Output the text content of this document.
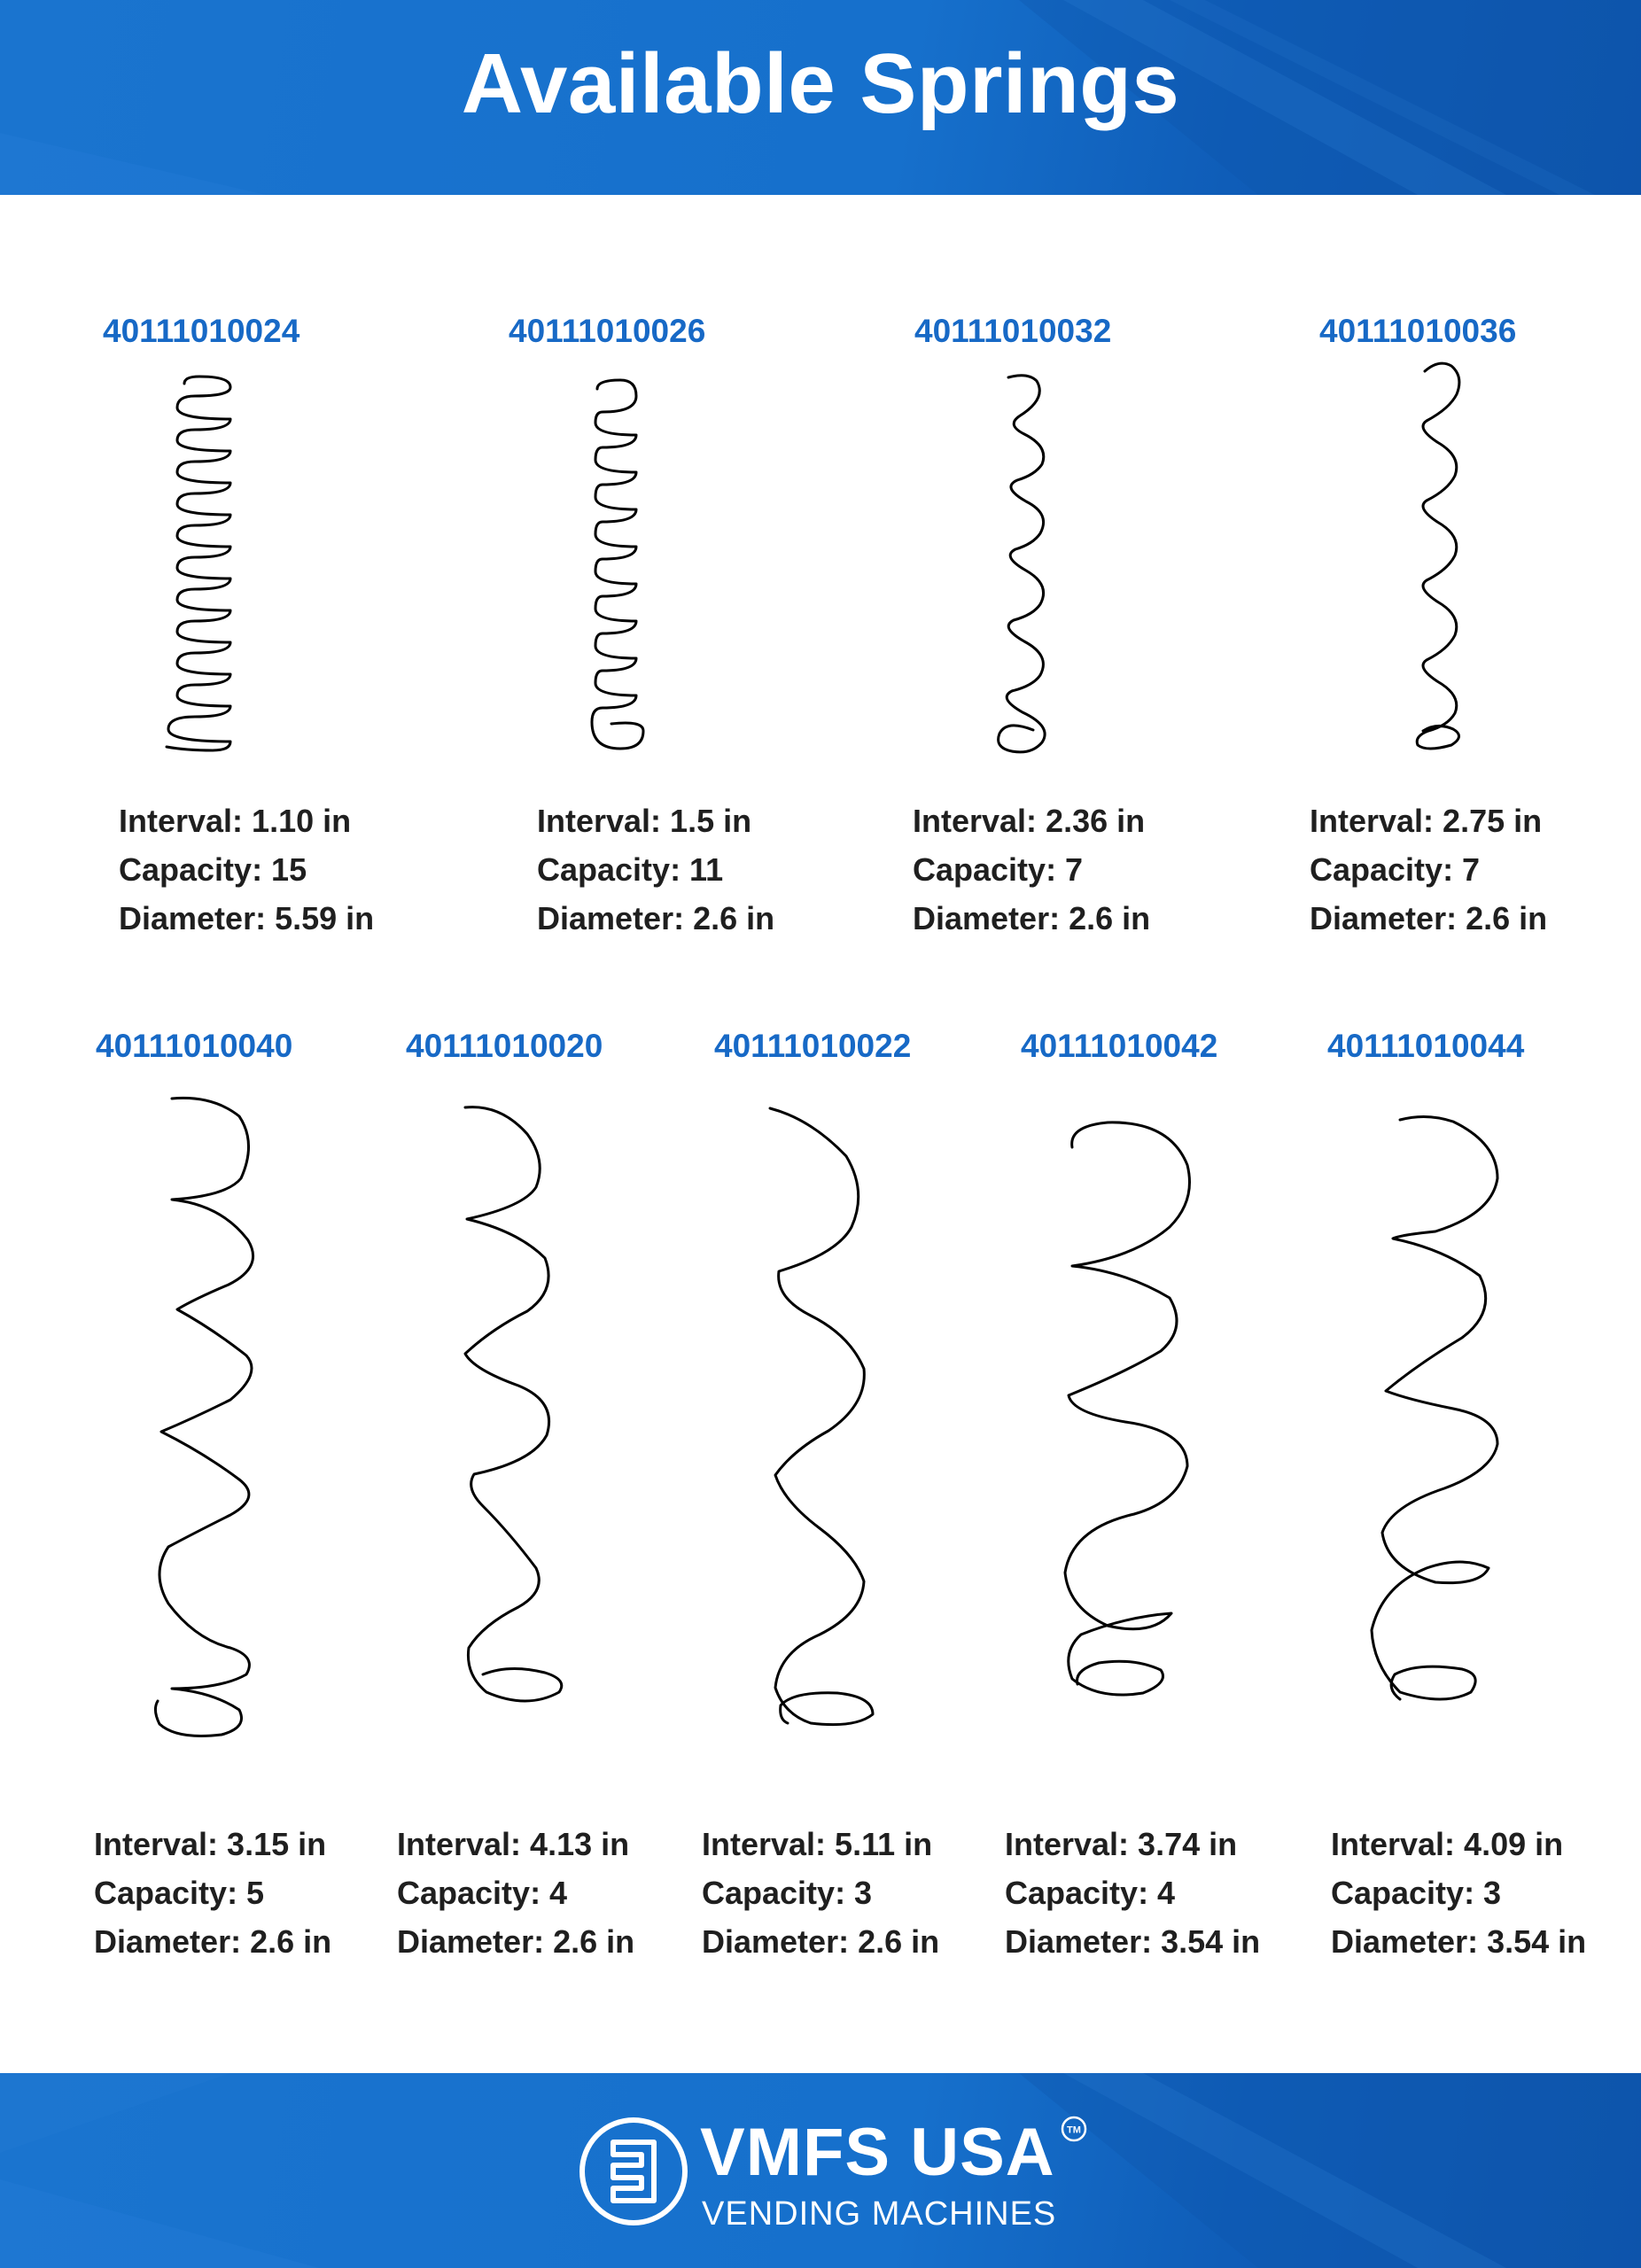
Available Springs
40111010024	40111010026	40111010032	40111010036
Interval: 1.10 in
Capacity: 15
Diameter: 5.59 in
Interval: 1.5 in
Capacity: 11
Diameter: 2.6 in
Interval: 2.36 in
Capacity: 7
Diameter: 2.6 in
Interval: 2.75 in
Capacity: 7
Diameter: 2.6 in
40111010040	40111010020	40111010022	40111010042	40111010044
Interval: 3.15 in
Capacity: 5
Diameter: 2.6 in
Interval: 4.13 in
Capacity: 4
Diameter: 2.6 in
Interval: 5.11 in
Capacity: 3
Diameter: 2.6 in
Interval: 3.74 in
Capacity: 4
Diameter: 3.54 in
Interval: 4.09 in
Capacity: 3
Diameter: 3.54 in
VMFS USA TM
VENDING MACHINES
